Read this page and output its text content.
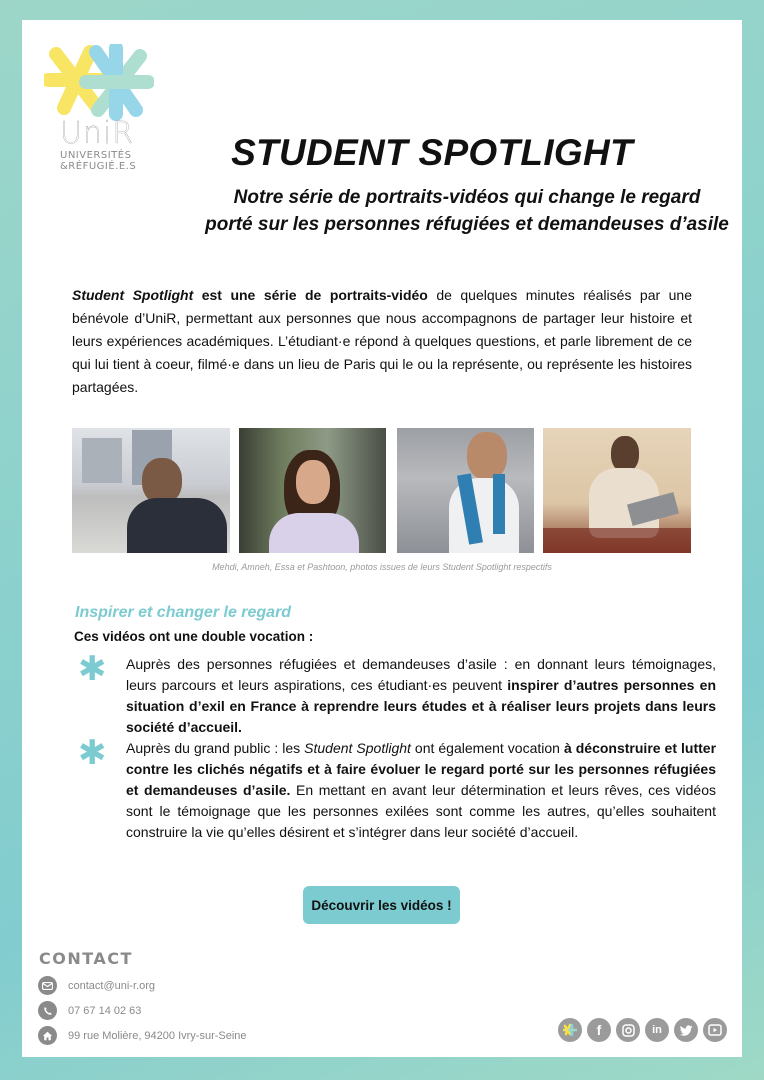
UniR
UNIVERSITÉS
&RÉFUGIÉ.E.S	STUDENT SPOTLIGHT
Notre série de portraits-vidéos qui change le regard
porté sur les personnes réfugiées et demandeuses d’asile

Student Spotlight est une série de portraits-vidéo de quelques minutes réalisés par une bénévole d’UniR, permettant aux personnes que nous accompagnons de partager leur histoire et leurs expériences académiques. L’étudiant·e répond à quelques questions, et parle librement de ce qui lui tient à coeur, filmé·e dans un lieu de Paris qui le ou la représente, ou représente les histoires partagées.

Mehdi, Amneh, Essa et Pashtoon, photos issues de leurs Student Spotlight respectifs
Inspirer et changer le regard
Ces vidéos ont une double vocation :
✱ Auprès des personnes réfugiées et demandeuses d’asile : en donnant leurs témoignages, leurs parcours et leurs aspirations, ces étudiant·es peuvent inspirer d’autres personnes en situation d’exil en France à reprendre leurs études et à réaliser leurs projets dans leurs société d’accueil.
✱ Auprès du grand public : les Student Spotlight ont également vocation à déconstruire et lutter contre les clichés négatifs et à faire évoluer le regard porté sur les personnes réfugiées et demandeuses d’asile. En mettant en avant leur détermination et leurs rêves, ces vidéos sont le témoignage que les personnes exilées sont comme les autres, qu’elles souhaitent construire la vie qu’elles désirent et s’intégrer dans leur société d’accueil.
Découvrir les vidéos !
CONTACT
contact@uni-r.org
07 67 14 02 63
99 rue Molière, 94200 Ivry-sur-Seine	f	in
